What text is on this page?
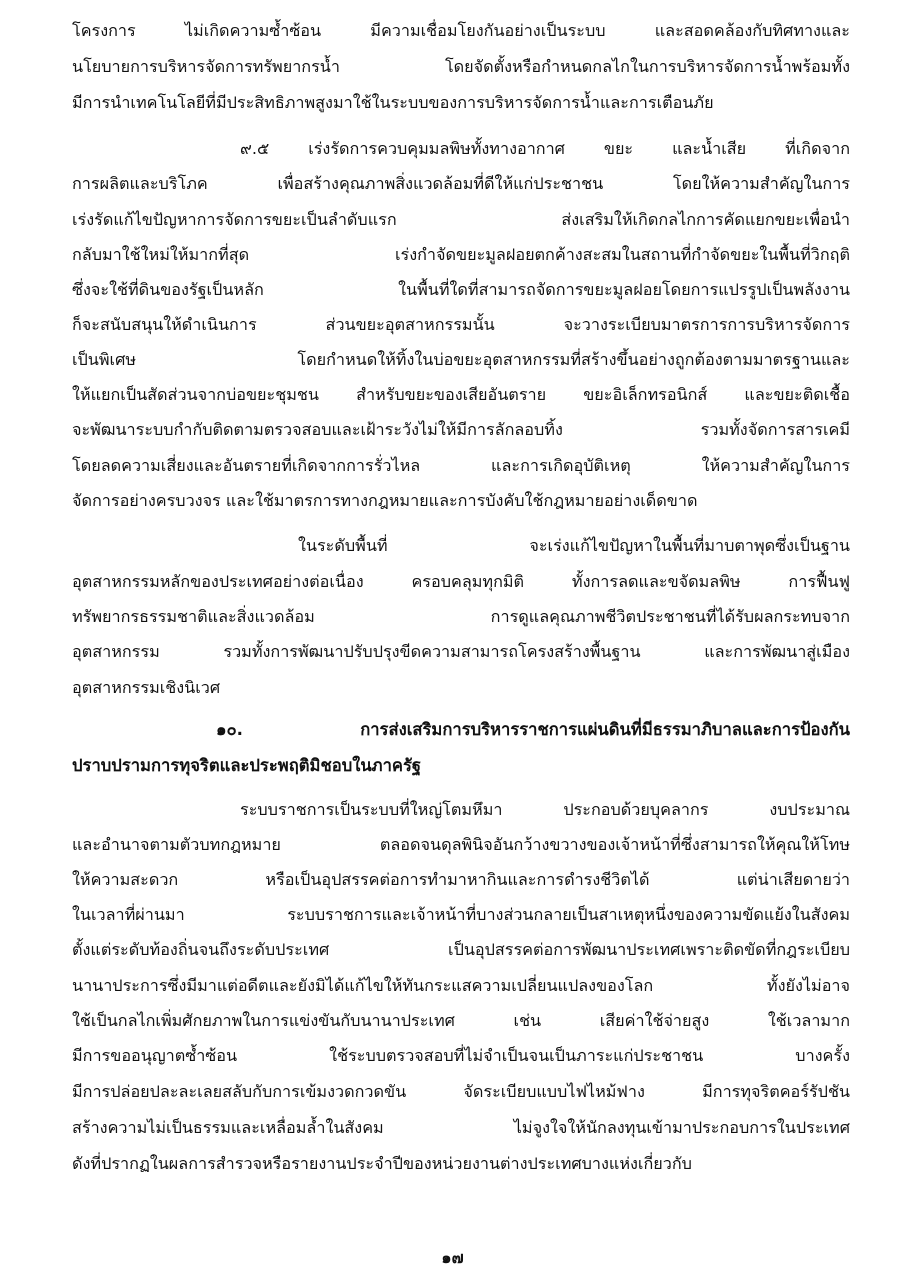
โครงการ ไม่เกิดความซ้ำซ้อน มีความเชื่อมโยงกันอย่างเป็นระบบ และสอดคล้องกับทิศทางและ
นโยบายการบริหารจัดการทรัพยากรน้ำ โดยจัดตั้งหรือกำหนดกลไกในการบริหารจัดการน้ำพร้อมทั้ง
มีการนำเทคโนโลยีที่มีประสิทธิภาพสูงมาใช้ในระบบของการบริหารจัดการน้ำและการเตือนภัย
๙.๕ เร่งรัดการควบคุมมลพิษทั้งทางอากาศ ขยะ และน้ำเสีย ที่เกิดจาก
การผลิตและบริโภค เพื่อสร้างคุณภาพสิ่งแวดล้อมที่ดีให้แก่ประชาชน โดยให้ความสำคัญในการ
เร่งรัดแก้ไขปัญหาการจัดการขยะเป็นลำดับแรก ส่งเสริมให้เกิดกลไกการคัดแยกขยะเพื่อนำ
กลับมาใช้ใหม่ให้มากที่สุด เร่งกำจัดขยะมูลฝอยตกค้างสะสมในสถานที่กำจัดขยะในพื้นที่วิกฤติ
ซึ่งจะใช้ที่ดินของรัฐเป็นหลัก ในพื้นที่ใดที่สามารถจัดการขยะมูลฝอยโดยการแปรรูปเป็นพลังงาน
ก็จะสนับสนุนให้ดำเนินการ ส่วนขยะอุตสาหกรรมนั้น จะวางระเบียบมาตรการการบริหารจัดการ
เป็นพิเศษ โดยกำหนดให้ทิ้งในบ่อขยะอุตสาหกรรมที่สร้างขึ้นอย่างถูกต้องตามมาตรฐานและ
ให้แยกเป็นสัดส่วนจากบ่อขยะชุมชน สำหรับขยะของเสียอันตราย ขยะอิเล็กทรอนิกส์ และขยะติดเชื้อ
จะพัฒนาระบบกำกับติดตามตรวจสอบและเฝ้าระวังไม่ให้มีการลักลอบทิ้ง รวมทั้งจัดการสารเคมี
โดยลดความเสี่ยงและอันตรายที่เกิดจากการรั่วไหล และการเกิดอุบัติเหตุ ให้ความสำคัญในการ
จัดการอย่างครบวงจร และใช้มาตรการทางกฎหมายและการบังคับใช้กฎหมายอย่างเด็ดขาด
ในระดับพื้นที่ จะเร่งแก้ไขปัญหาในพื้นที่มาบตาพุดซึ่งเป็นฐาน
อุตสาหกรรมหลักของประเทศอย่างต่อเนื่อง ครอบคลุมทุกมิติ ทั้งการลดและขจัดมลพิษ การฟื้นฟู
ทรัพยากรธรรมชาติและสิ่งแวดล้อม การดูแลคุณภาพชีวิตประชาชนที่ได้รับผลกระทบจาก
อุตสาหกรรม รวมทั้งการพัฒนาปรับปรุงขีดความสามารถโครงสร้างพื้นฐาน และการพัฒนาสู่เมือง
อุตสาหกรรมเชิงนิเวศ
๑๐. การส่งเสริมการบริหารราชการแผ่นดินที่มีธรรมาภิบาลและการป้องกัน
ปราบปรามการทุจริตและประพฤติมิชอบในภาครัฐ
ระบบราชการเป็นระบบที่ใหญ่โตมหึมา ประกอบด้วยบุคลากร งบประมาณ
และอำนาจตามตัวบทกฎหมาย ตลอดจนดุลพินิจอันกว้างขวางของเจ้าหน้าที่ซึ่งสามารถให้คุณให้โทษ
ให้ความสะดวก หรือเป็นอุปสรรคต่อการทำมาหากินและการดำรงชีวิตได้ แต่น่าเสียดายว่า
ในเวลาที่ผ่านมา ระบบราชการและเจ้าหน้าที่บางส่วนกลายเป็นสาเหตุหนึ่งของความขัดแย้งในสังคม
ตั้งแต่ระดับท้องถิ่นจนถึงระดับประเทศ เป็นอุปสรรคต่อการพัฒนาประเทศเพราะติดขัดที่กฎระเบียบ
นานาประการซึ่งมีมาแต่อดีตและยังมิได้แก้ไขให้ทันกระแสความเปลี่ยนแปลงของโลก ทั้งยังไม่อาจ
ใช้เป็นกลไกเพิ่มศักยภาพในการแข่งขันกับนานาประเทศ เช่น เสียค่าใช้จ่ายสูง ใช้เวลามาก
มีการขออนุญาตซ้ำซ้อน ใช้ระบบตรวจสอบที่ไม่จำเป็นจนเป็นภาระแก่ประชาชน บางครั้ง
มีการปล่อยปละละเลยสลับกับการเข้มงวดกวดขัน จัดระเบียบแบบไฟไหม้ฟาง มีการทุจริตคอร์รัปชัน
สร้างความไม่เป็นธรรมและเหลื่อมล้ำในสังคม ไม่จูงใจให้นักลงทุนเข้ามาประกอบการในประเทศ
ดังที่ปรากฏในผลการสำรวจหรือรายงานประจำปีของหน่วยงานต่างประเทศบางแห่งเกี่ยวกับ
๑๗
